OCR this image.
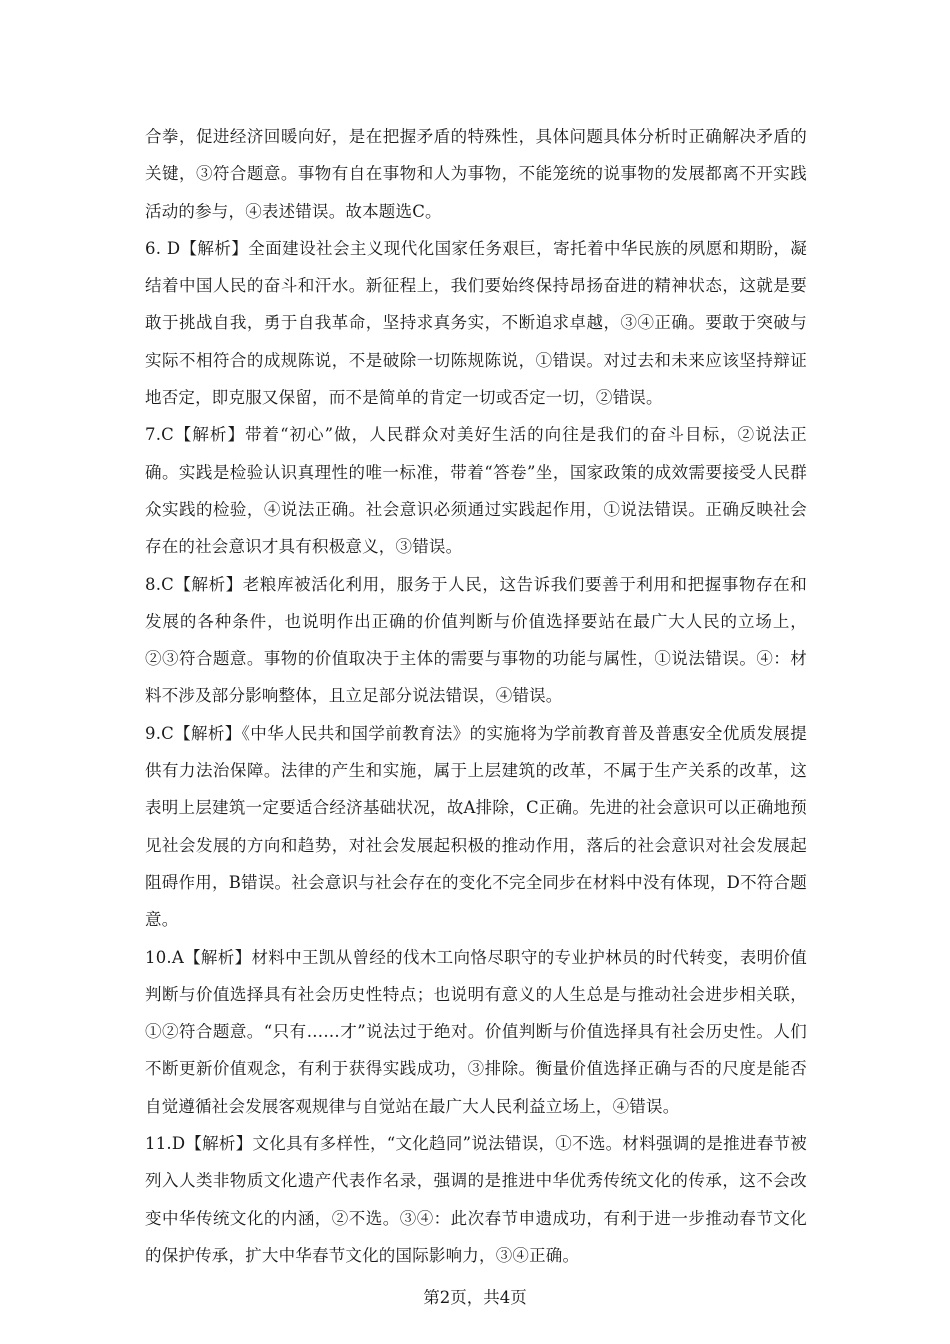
合拳，促进经济回暖向好，是在把握矛盾的特殊性，具体问题具体分析时正确解决矛盾的关键，③符合题意。事物有自在事物和人为事物，不能笼统的说事物的发展都离不开实践活动的参与，④表述错误。故本题选C。

6. D【解析】全面建设社会主义现代化国家任务艰巨，寄托着中华民族的夙愿和期盼，凝结着中国人民的奋斗和汗水。新征程上，我们要始终保持昂扬奋进的精神状态，这就是要敢于挑战自我，勇于自我革命，坚持求真务实，不断追求卓越，③④正确。要敢于突破与实际不相符合的成规陈说，不是破除一切陈规陈说，①错误。对过去和未来应该坚持辩证地否定，即克服又保留，而不是简单的肯定一切或否定一切，②错误。

7.C【解析】带着“初心”做，人民群众对美好生活的向往是我们的奋斗目标，②说法正确。实践是检验认识真理性的唯一标准，带着“答卷”坐，国家政策的成效需要接受人民群众实践的检验，④说法正确。社会意识必须通过实践起作用，①说法错误。正确反映社会存在的社会意识才具有积极意义，③错误。

8.C【解析】老粮库被活化利用，服务于人民，这告诉我们要善于利用和把握事物存在和发展的各种条件，也说明作出正确的价值判断与价值选择要站在最广大人民的立场上，②③符合题意。事物的价值取决于主体的需要与事物的功能与属性，①说法错误。④：材料不涉及部分影响整体，且立足部分说法错误，④错误。

9.C【解析】《中华人民共和国学前教育法》的实施将为学前教育普及普惠安全优质发展提供有力法治保障。法律的产生和实施，属于上层建筑的改革，不属于生产关系的改革，这表明上层建筑一定要适合经济基础状况，故A排除，C正确。先进的社会意识可以正确地预见社会发展的方向和趋势，对社会发展起积极的推动作用，落后的社会意识对社会发展起阻碍作用，B错误。社会意识与社会存在的变化不完全同步在材料中没有体现，D不符合题意。

10.A【解析】材料中王凯从曾经的伐木工向恪尽职守的专业护林员的时代转变，表明价值判断与价值选择具有社会历史性特点；也说明有意义的人生总是与推动社会进步相关联，①②符合题意。“只有……才”说法过于绝对。价值判断与价值选择具有社会历史性。人们不断更新价值观念，有利于获得实践成功，③排除。衡量价值选择正确与否的尺度是能否自觉遵循社会发展客观规律与自觉站在最广大人民利益立场上，④错误。

11.D【解析】文化具有多样性，“文化趋同”说法错误，①不选。材料强调的是推进春节被列入人类非物质文化遗产代表作名录，强调的是推进中华优秀传统文化的传承，这不会改变中华传统文化的内涵，②不选。③④：此次春节申遗成功，有利于进一步推动春节文化的保护传承，扩大中华春节文化的国际影响力，③④正确。

第2页，共4页
